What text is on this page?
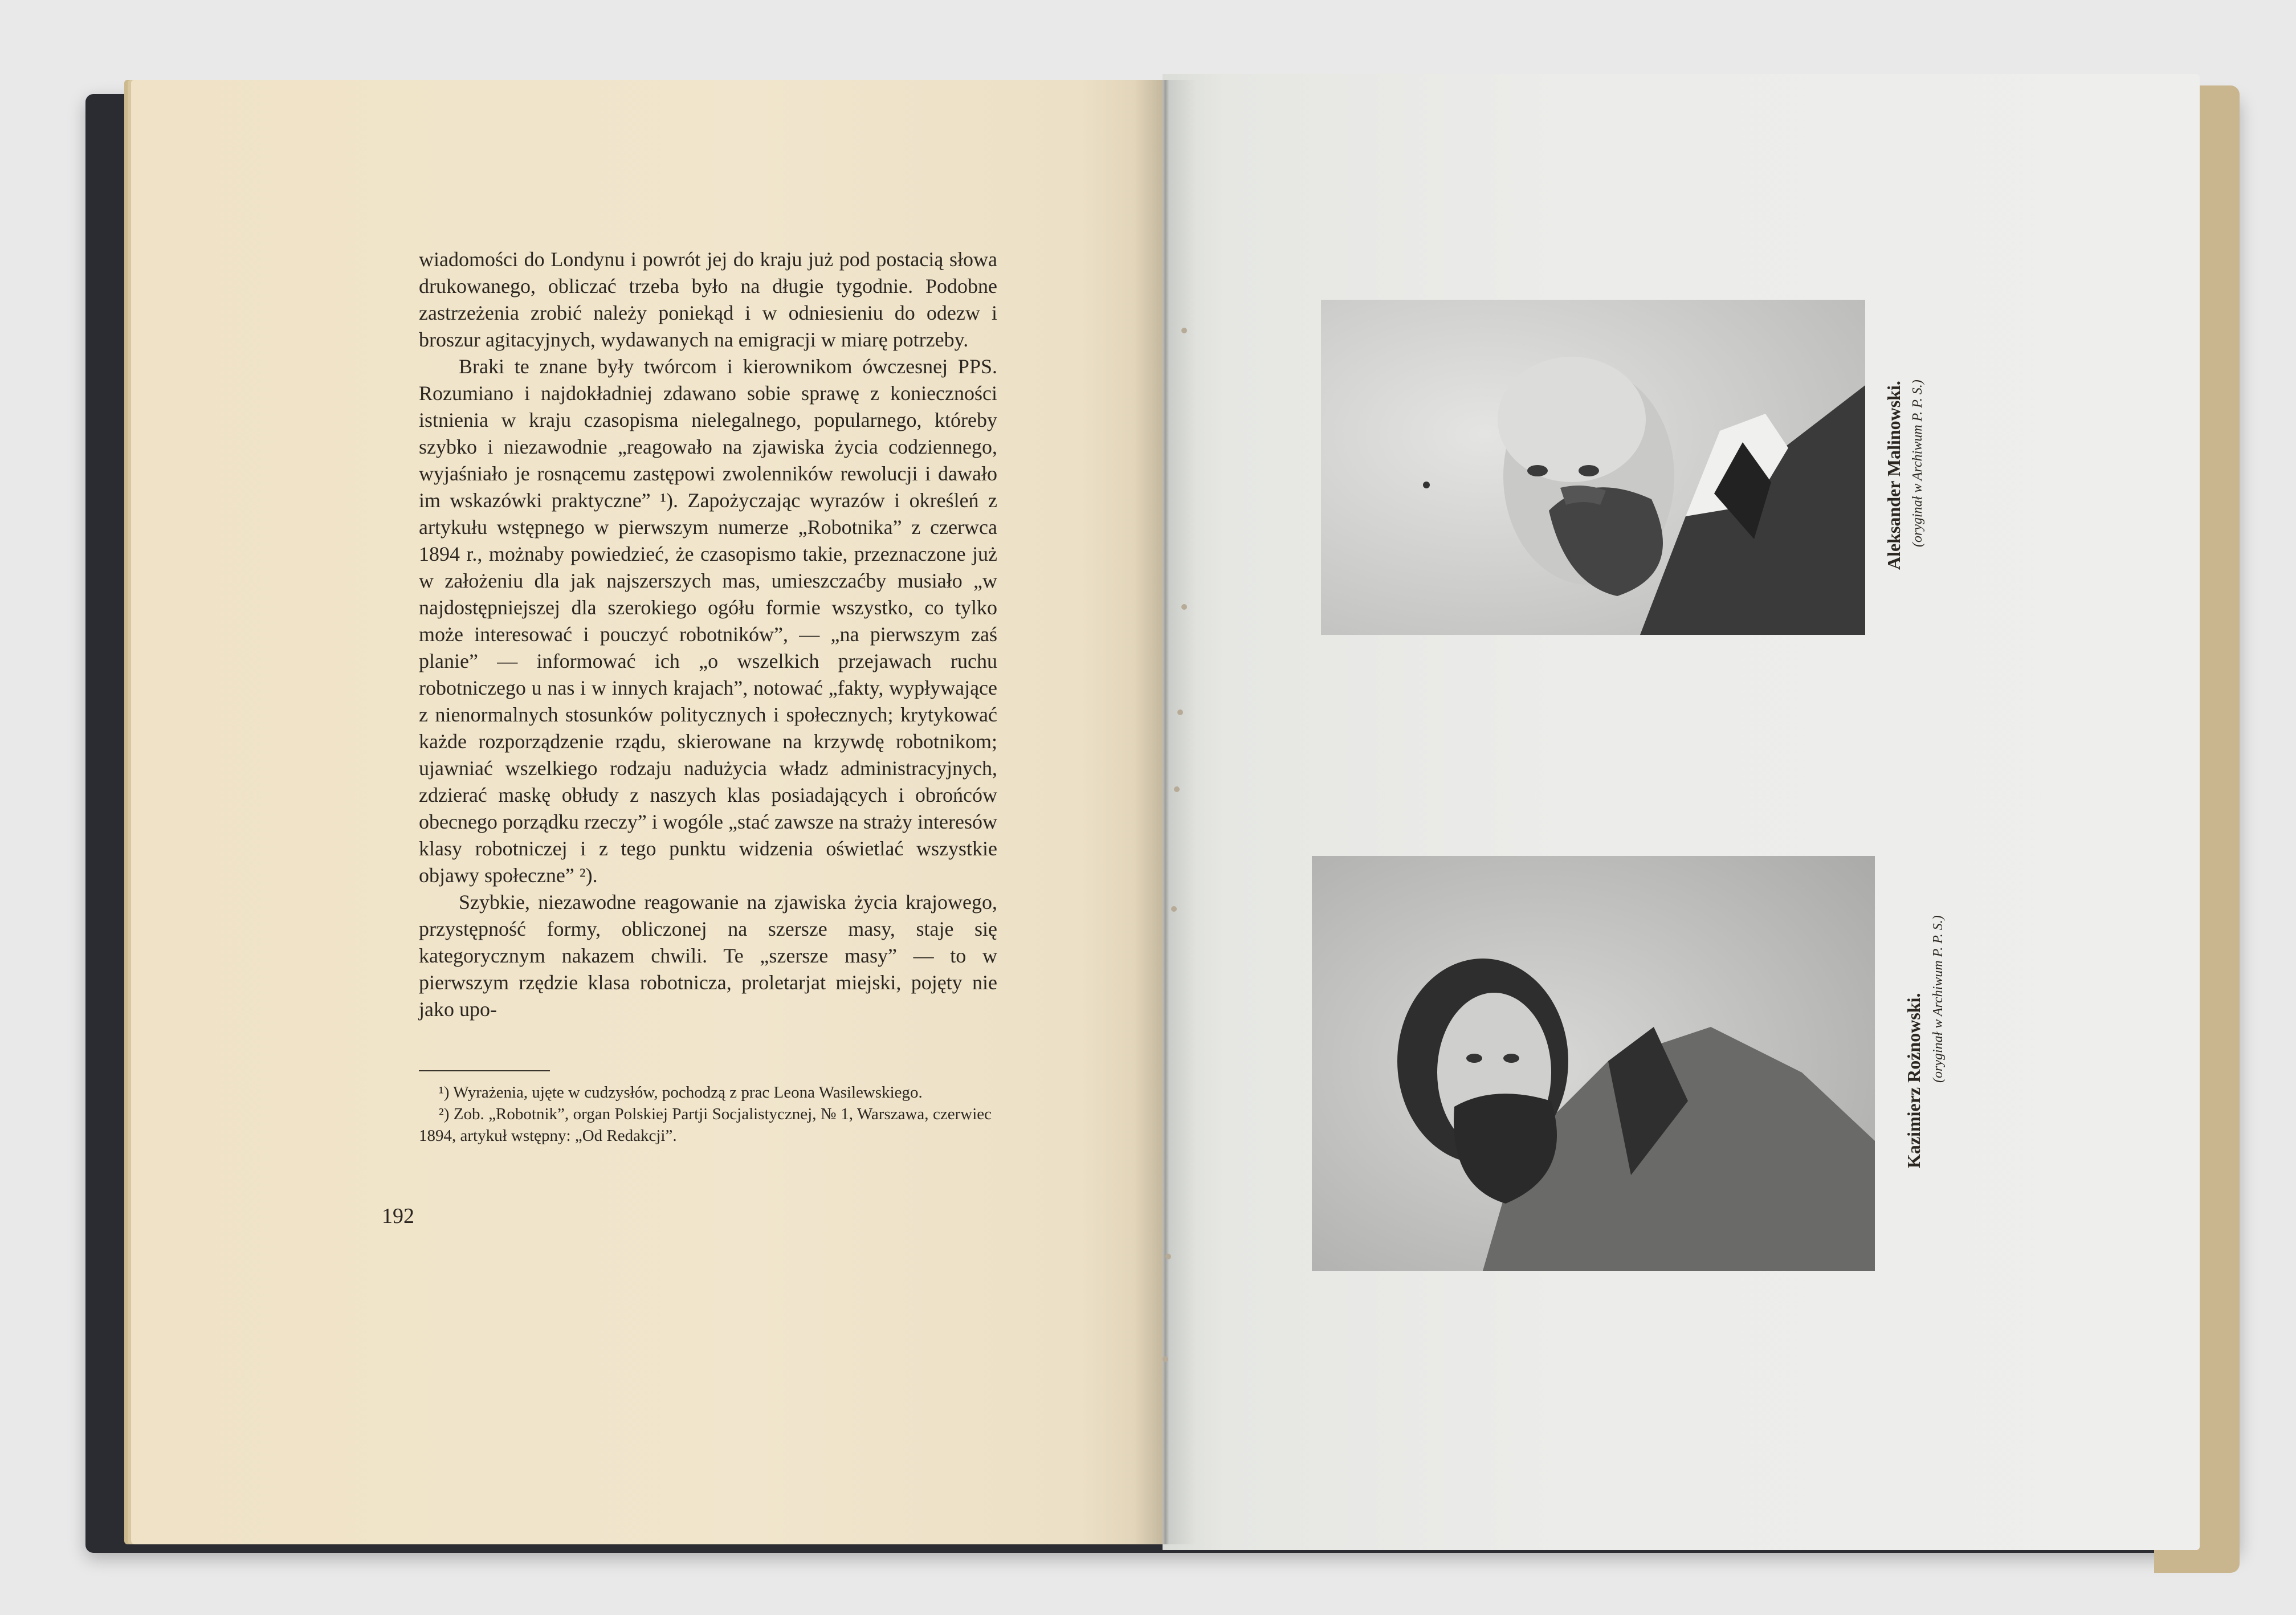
wiadomości do Londynu i powrót jej do kraju już pod postacią słowa drukowanego, obliczać trzeba było na długie tygodnie. Podobne zastrzeżenia zrobić należy poniekąd i w odniesieniu do odezw i broszur agitacyjnych, wydawanych na emigracji w miarę potrzeby.

Braki te znane były twórcom i kierownikom ówczesnej PPS. Rozumiano i najdokładniej zdawano sobie sprawę z konieczności istnienia w kraju czasopisma nielegalnego, popularnego, któreby szybko i niezawodnie „reagowało na zjawiska życia codziennego, wyjaśniało je rosnącemu zastępowi zwolenników rewolucji i dawało im wskazówki praktyczne” ¹). Zapożyczając wyrazów i określeń z artykułu wstępnego w pierwszym numerze „Robotnika” z czerwca 1894 r., możnaby powiedzieć, że czasopismo takie, przeznaczone już w założeniu dla jak najszerszych mas, umieszczaćby musiało „w najdostępniejszej dla szerokiego ogółu formie wszystko, co tylko może interesować i pouczyć robotników”, — „na pierwszym zaś planie” — informować ich „o wszelkich przejawach ruchu robotniczego u nas i w innych krajach”, notować „fakty, wypływające z nienormalnych stosunków politycznych i społecznych; krytykować każde rozporządzenie rządu, skierowane na krzywdę robotnikom; ujawniać wszelkiego rodzaju nadużycia władz administracyjnych, zdzierać maskę obłudy z naszych klas posiadających i obrońców obecnego porządku rzeczy” i wogóle „stać zawsze na straży interesów klasy robotniczej i z tego punktu widzenia oświetlać wszystkie objawy społeczne” ²).

Szybkie, niezawodne reagowanie na zjawiska życia krajowego, przystępność formy, obliczonej na szersze masy, staje się kategorycznym nakazem chwili. Te „szersze masy” — to w pierwszym rzędzie klasa robotnicza, proletarjat miejski, pojęty nie jako upo-

¹) Wyrażenia, ujęte w cudzysłów, pochodzą z prac Leona Wasilewskiego.

²) Zob. „Robotnik”, organ Polskiej Partji Socjalistycznej, № 1, Warszawa, czerwiec 1894, artykuł wstępny: „Od Redakcji”.

192
Aleksander Malinowski. (oryginał w Archiwum P. P. S.)
Kazimierz Rożnowski. (oryginał w Archiwum P. P. S.)
